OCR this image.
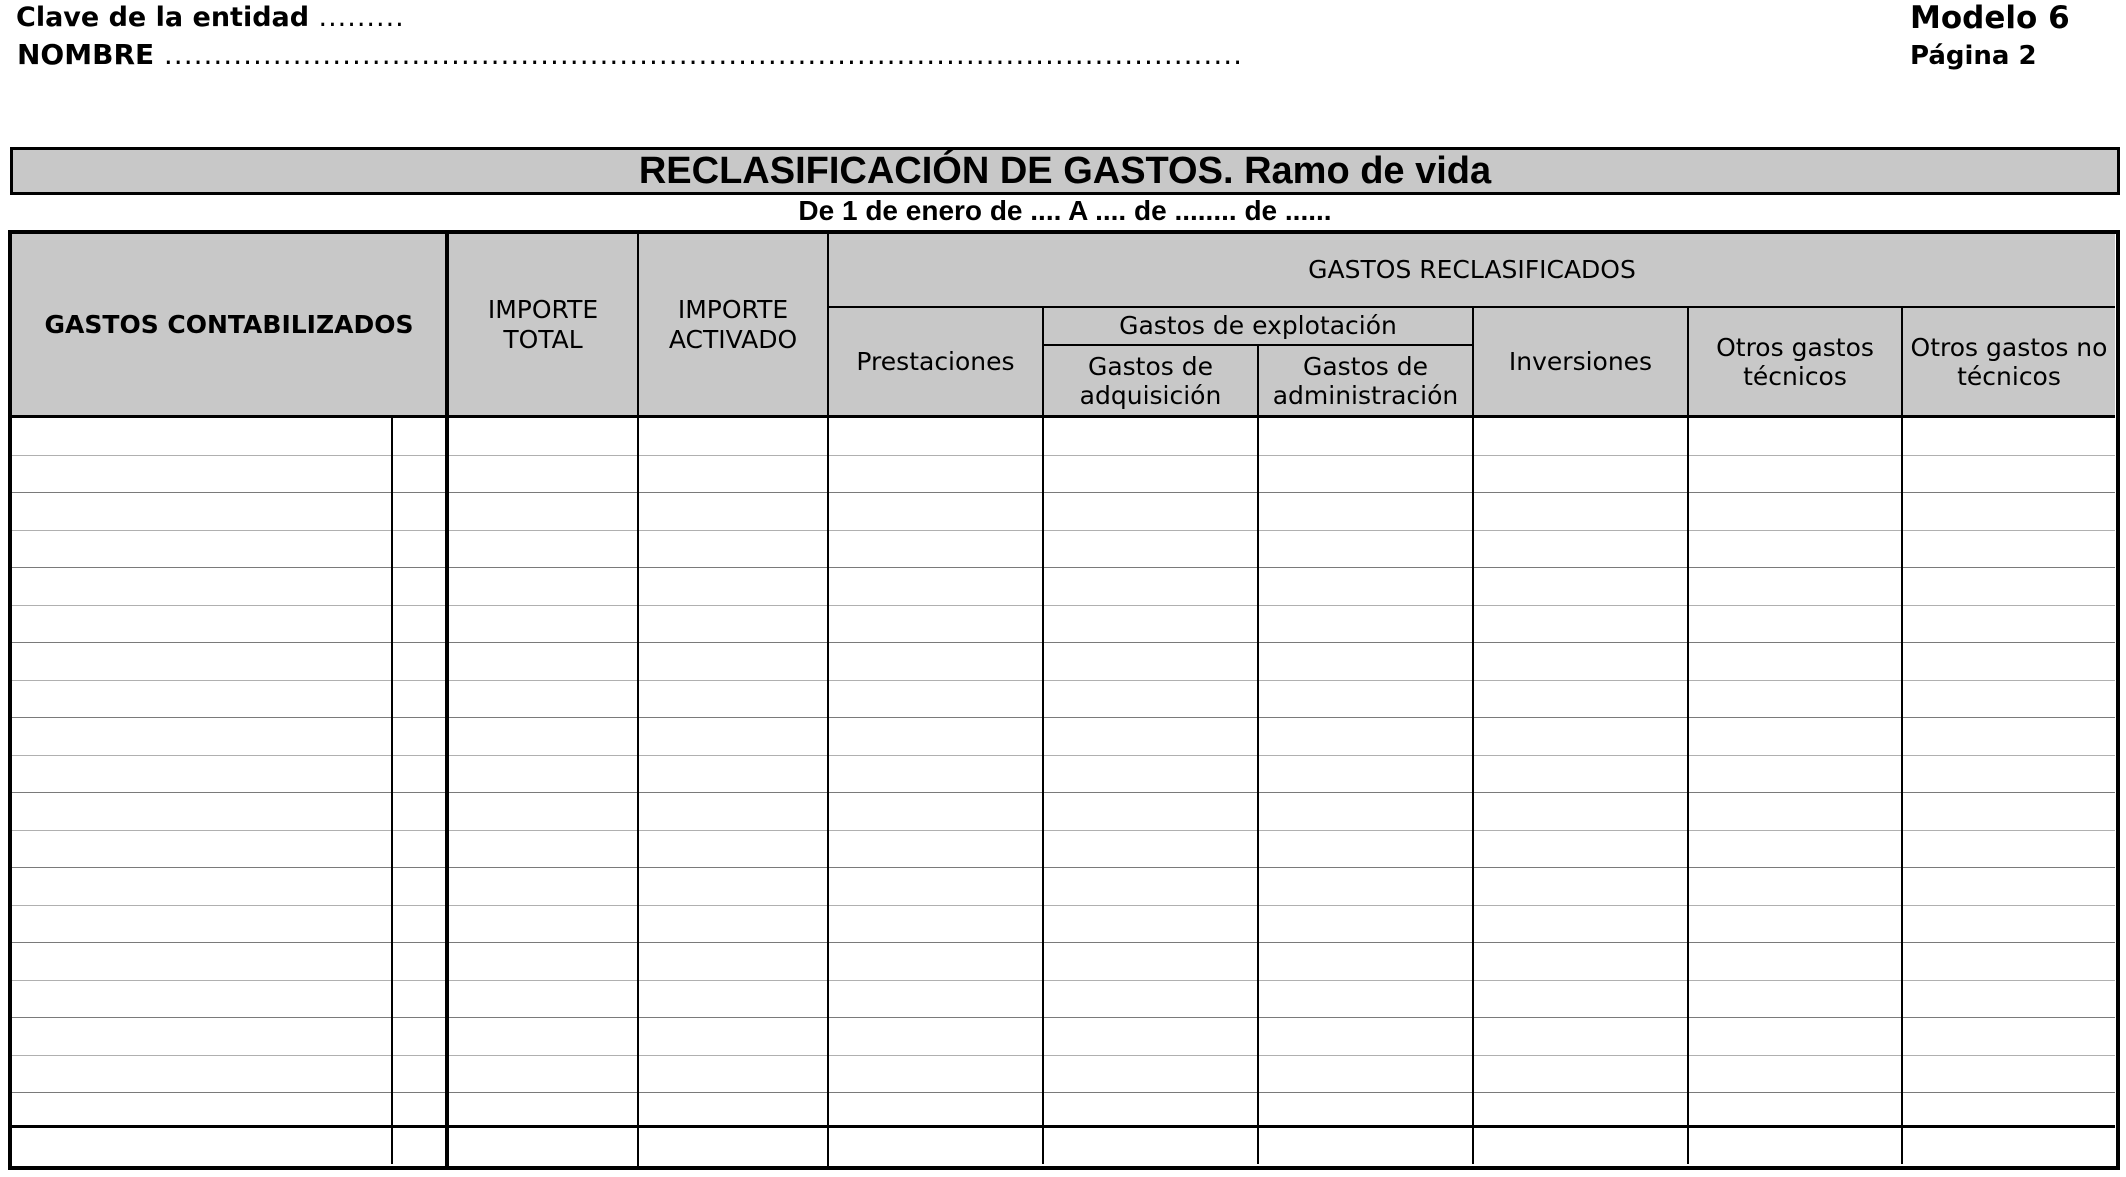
Clave de la entidad .........
NOMBRE .............................................................................................................
Modelo 6
Página 2
RECLASIFICACIÓN DE GASTOS. Ramo de vida
De 1 de enero de .... A .... de ........ de ......
GASTOS CONTABILIZADOS
IMPORTE TOTAL
IMPORTE ACTIVADO
GASTOS RECLASIFICADOS
Prestaciones
Gastos de explotación
Gastos de adquisición
Gastos de administración
Inversiones
Otros gastos técnicos
Otros gastos no técnicos
